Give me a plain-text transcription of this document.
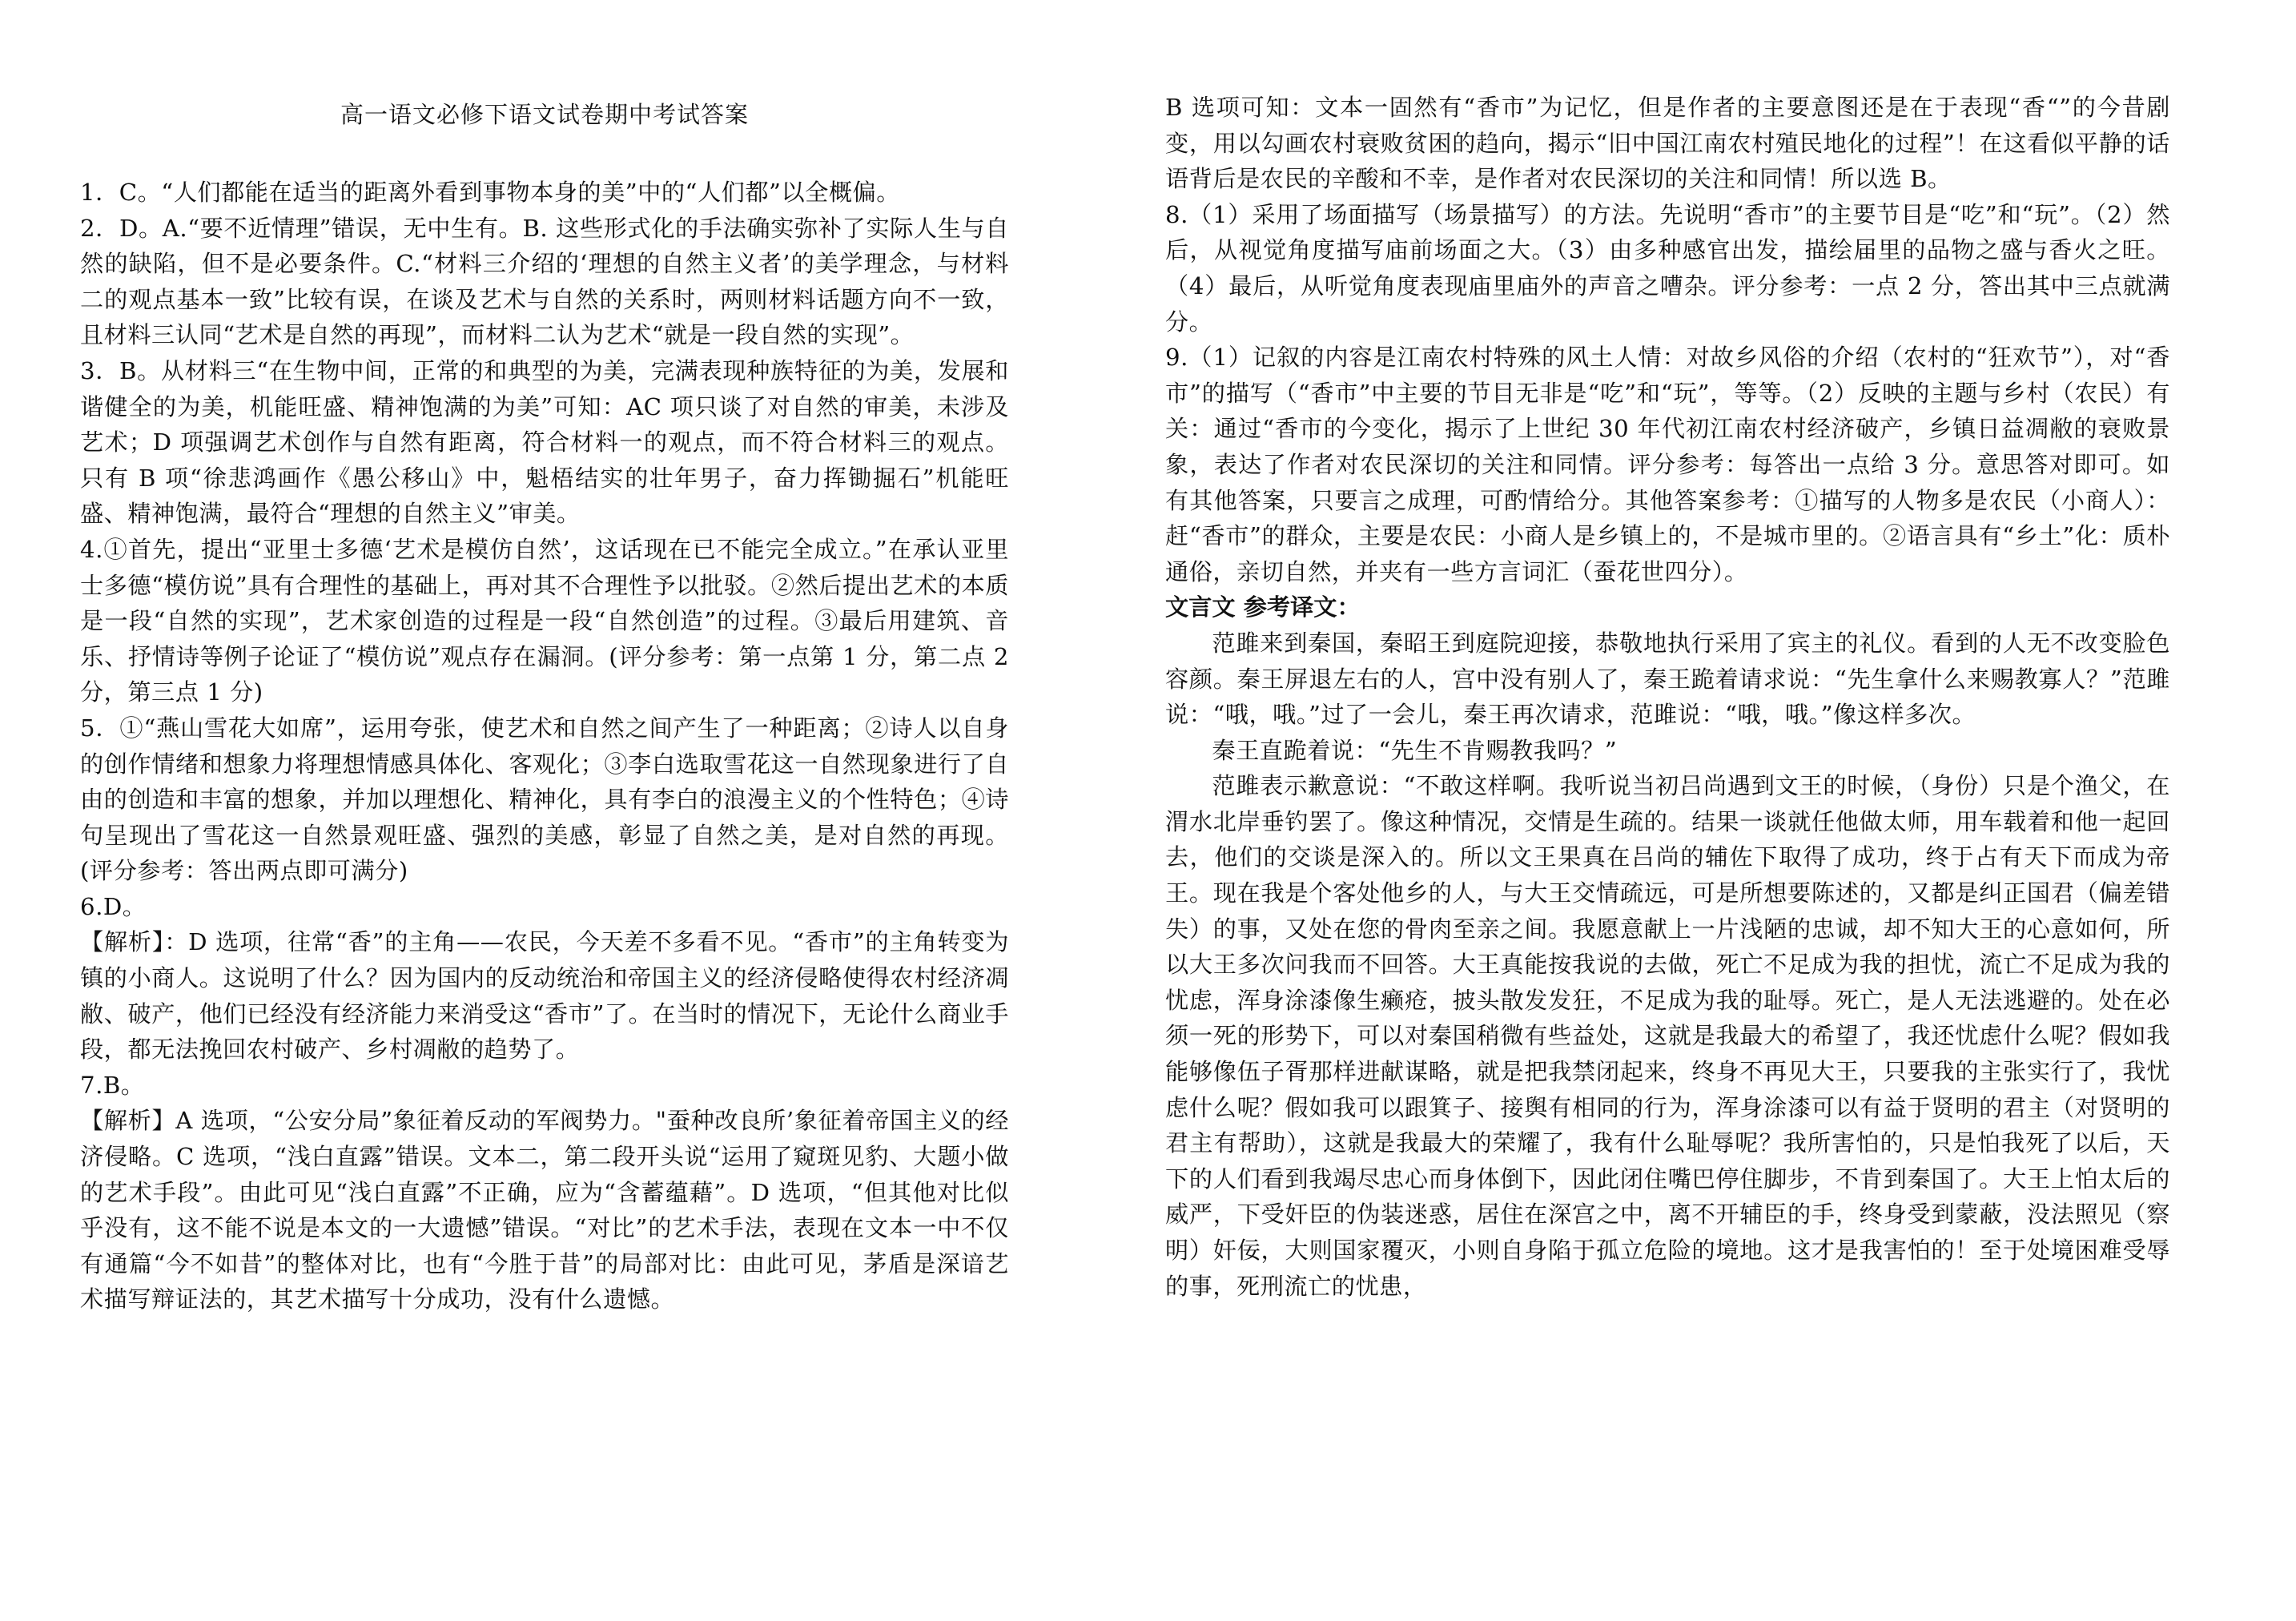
高一语文必修下语文试卷期中考试答案

1．C。“人们都能在适当的距离外看到事物本身的美”中的“人们都”以全概偏。

2．D。A.“要不近情理”错误，无中生有。B. 这些形式化的手法确实弥补了实际人生与自然的缺陷，但不是必要条件。C.“材料三介绍的‘理想的自然主义者’的美学理念，与材料二的观点基本一致”比较有误，在谈及艺术与自然的关系时，两则材料话题方向不一致，且材料三认同“艺术是自然的再现”，而材料二认为艺术“就是一段自然的实现”。

3．B。从材料三“在生物中间，正常的和典型的为美，完满表现种族特征的为美，发展和谐健全的为美，机能旺盛、精神饱满的为美”可知：AC 项只谈了对自然的审美，未涉及艺术；D 项强调艺术创作与自然有距离，符合材料一的观点，而不符合材料三的观点。只有 B 项“徐悲鸿画作《愚公移山》中，魁梧结实的壮年男子，奋力挥锄掘石”机能旺盛、精神饱满，最符合“理想的自然主义”审美。

4.①首先，提出“亚里士多德‘艺术是模仿自然’，这话现在已不能完全成立。”在承认亚里士多德“模仿说”具有合理性的基础上，再对其不合理性予以批驳。②然后提出艺术的本质是一段“自然的实现”，艺术家创造的过程是一段“自然创造”的过程。③最后用建筑、音乐、抒情诗等例子论证了“模仿说”观点存在漏洞。(评分参考：第一点第 1 分，第二点 2 分，第三点 1 分)

5．①“燕山雪花大如席”，运用夸张，使艺术和自然之间产生了一种距离；②诗人以自身的创作情绪和想象力将理想情感具体化、客观化；③李白选取雪花这一自然现象进行了自由的创造和丰富的想象，并加以理想化、精神化，具有李白的浪漫主义的个性特色；④诗句呈现出了雪花这一自然景观旺盛、强烈的美感，彰显了自然之美，是对自然的再现。(评分参考：答出两点即可满分)

6.D。

【解析】：D 选项，往常“香”的主角——农民，今天差不多看不见。“香市”的主角转变为镇的小商人。这说明了什么？因为国内的反动统治和帝国主义的经济侵略使得农村经济凋敝、破产，他们已经没有经济能力来消受这“香市”了。在当时的情况下，无论什么商业手段，都无法挽回农村破产、乡村凋敝的趋势了。

7.B。

【解析】A 选项，“公安分局”象征着反动的军阀势力。"蚕种改良所’象征着帝国主义的经济侵略。C 选项，“浅白直露”错误。文本二，第二段开头说“运用了窥斑见豹、大题小做的艺术手段”。由此可见“浅白直露”不正确，应为“含蓄蕴藉”。D 选项，“但其他对比似乎没有，这不能不说是本文的一大遗憾”错误。“对比”的艺术手法，表现在文本一中不仅有通篇“今不如昔”的整体对比，也有“今胜于昔”的局部对比：由此可见，茅盾是深谙艺术描写辩证法的，其艺术描写十分成功，没有什么遗憾。

B 选项可知：文本一固然有“香市”为记忆，但是作者的主要意图还是在于表现“香“”的今昔剧变，用以勾画农村衰败贫困的趋向，揭示“旧中国江南农村殖民地化的过程”！在这看似平静的话语背后是农民的辛酸和不幸，是作者对农民深切的关注和同情！所以选 B。

8.（1）采用了场面描写（场景描写）的方法。先说明“香市”的主要节目是“吃”和“玩”。（2）然后，从视觉角度描写庙前场面之大。（3）由多种感官出发，描绘届里的品物之盛与香火之旺。（4）最后，从听觉角度表现庙里庙外的声音之嘈杂。评分参考：一点 2 分，答出其中三点就满分。

9.（1）记叙的内容是江南农村特殊的风土人情：对故乡风俗的介绍（农村的“狂欢节”），对“香市”的描写（“香市”中主要的节目无非是“吃”和“玩”，等等。（2）反映的主题与乡村（农民）有关：通过“香市的今变化，揭示了上世纪 30 年代初江南农村经济破产，乡镇日益凋敝的衰败景象，表达了作者对农民深切的关注和同情。评分参考：每答出一点给 3 分。意思答对即可。如有其他答案，只要言之成理，可酌情给分。其他答案参考：①描写的人物多是农民（小商人）：赶“香市”的群众，主要是农民：小商人是乡镇上的，不是城市里的。②语言具有“乡土”化：质朴通俗，亲切自然，并夹有一些方言词汇（蚕花世四分）。

文言文 参考译文：

范雎来到秦国，秦昭王到庭院迎接，恭敬地执行采用了宾主的礼仪。看到的人无不改变脸色容颜。秦王屏退左右的人，宫中没有别人了，秦王跪着请求说：“先生拿什么来赐教寡人？”范雎说：“哦，哦。”过了一会儿，秦王再次请求，范雎说：“哦，哦。”像这样多次。

秦王直跪着说：“先生不肯赐教我吗？”

范雎表示歉意说：“不敢这样啊。我听说当初吕尚遇到文王的时候，（身份）只是个渔父，在渭水北岸垂钓罢了。像这种情况，交情是生疏的。结果一谈就任他做太师，用车载着和他一起回去，他们的交谈是深入的。所以文王果真在吕尚的辅佐下取得了成功，终于占有天下而成为帝王。现在我是个客处他乡的人，与大王交情疏远，可是所想要陈述的，又都是纠正国君（偏差错失）的事，又处在您的骨肉至亲之间。我愿意献上一片浅陋的忠诚，却不知大王的心意如何，所以大王多次问我而不回答。大王真能按我说的去做，死亡不足成为我的担忧，流亡不足成为我的忧虑，浑身涂漆像生癞疮，披头散发发狂，不足成为我的耻辱。死亡，是人无法逃避的。处在必须一死的形势下，可以对秦国稍微有些益处，这就是我最大的希望了，我还忧虑什么呢？假如我能够像伍子胥那样进献谋略，就是把我禁闭起来，终身不再见大王，只要我的主张实行了，我忧虑什么呢？假如我可以跟箕子、接舆有相同的行为，浑身涂漆可以有益于贤明的君主（对贤明的君主有帮助），这就是我最大的荣耀了，我有什么耻辱呢？我所害怕的，只是怕我死了以后，天下的人们看到我竭尽忠心而身体倒下，因此闭住嘴巴停住脚步，不肯到秦国了。大王上怕太后的威严，下受奸臣的伪装迷惑，居住在深宫之中，离不开辅臣的手，终身受到蒙蔽，没法照见（察明）奸佞，大则国家覆灭，小则自身陷于孤立危险的境地。这才是我害怕的！至于处境困难受辱的事，死刑流亡的忧患，
